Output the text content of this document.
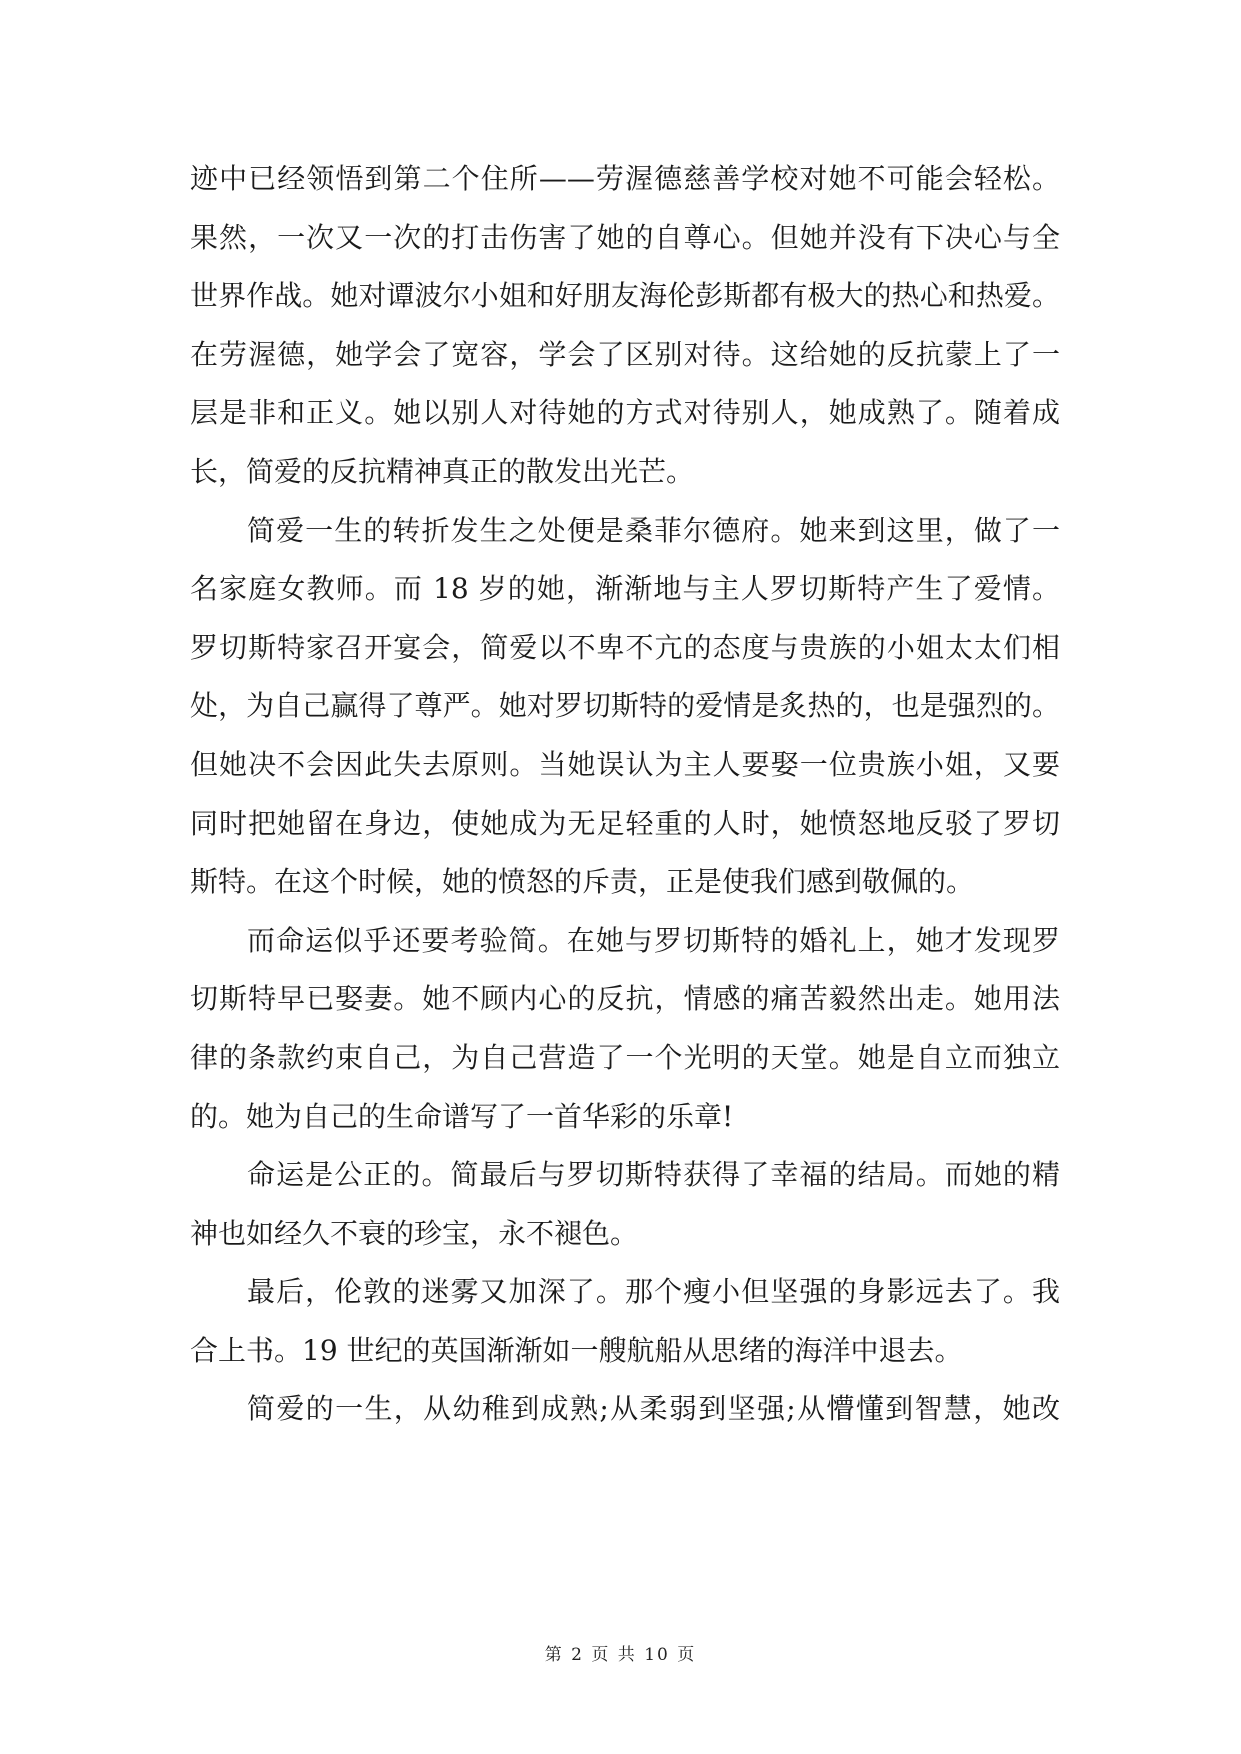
迹中已经领悟到第二个住所——劳渥德慈善学校对她不可能会轻松。
果然，一次又一次的打击伤害了她的自尊心。但她并没有下决心与全
世界作战。她对谭波尔小姐和好朋友海伦彭斯都有极大的热心和热爱。
在劳渥德，她学会了宽容，学会了区别对待。这给她的反抗蒙上了一
层是非和正义。她以别人对待她的方式对待别人，她成熟了。随着成
长，简爱的反抗精神真正的散发出光芒。
简爱一生的转折发生之处便是桑菲尔德府。她来到这里，做了一
名家庭女教师。而 18 岁的她，渐渐地与主人罗切斯特产生了爱情。
罗切斯特家召开宴会，简爱以不卑不亢的态度与贵族的小姐太太们相
处，为自己赢得了尊严。她对罗切斯特的爱情是炙热的，也是强烈的。
但她决不会因此失去原则。当她误认为主人要娶一位贵族小姐，又要
同时把她留在身边，使她成为无足轻重的人时，她愤怒地反驳了罗切
斯特。在这个时候，她的愤怒的斥责，正是使我们感到敬佩的。
而命运似乎还要考验简。在她与罗切斯特的婚礼上，她才发现罗
切斯特早已娶妻。她不顾内心的反抗，情感的痛苦毅然出走。她用法
律的条款约束自己，为自己营造了一个光明的天堂。她是自立而独立
的。她为自己的生命谱写了一首华彩的乐章!
命运是公正的。简最后与罗切斯特获得了幸福的结局。而她的精
神也如经久不衰的珍宝，永不褪色。
最后，伦敦的迷雾又加深了。那个瘦小但坚强的身影远去了。我
合上书。19 世纪的英国渐渐如一艘航船从思绪的海洋中退去。
简爱的一生，从幼稚到成熟;从柔弱到坚强;从懵懂到智慧，她改
第 2 页 共 10 页
